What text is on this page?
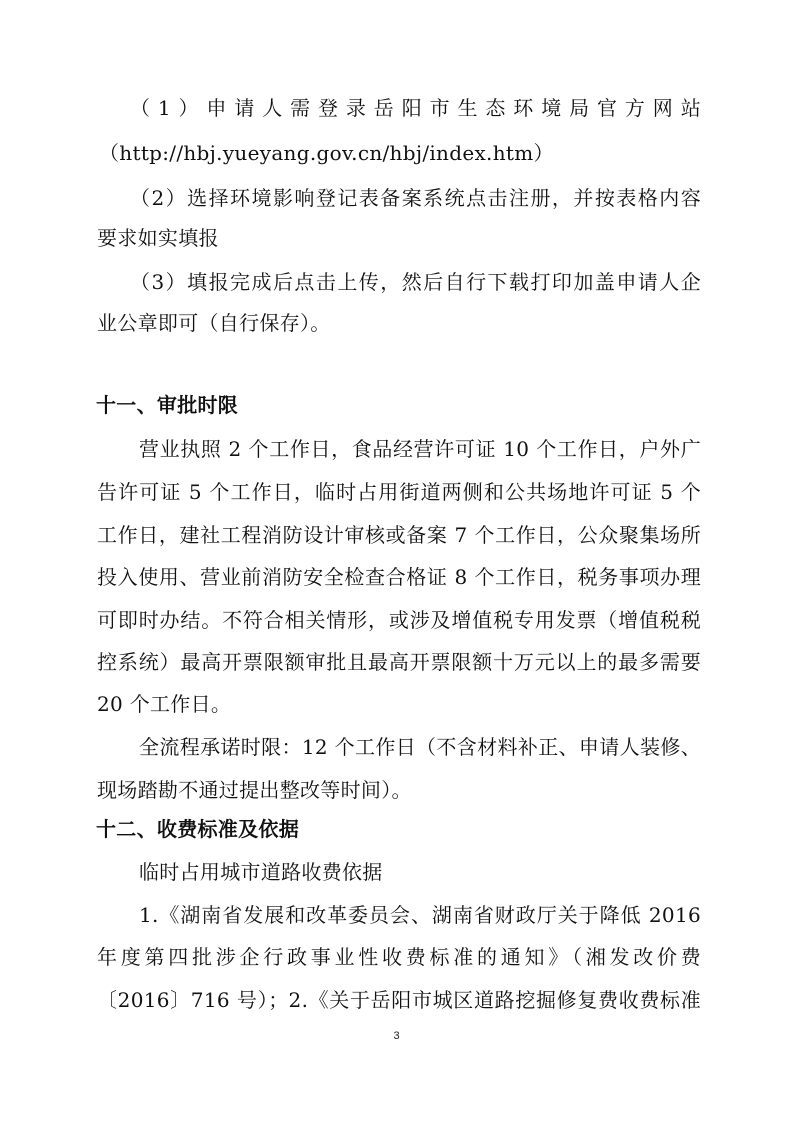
（1）申请人需登录岳阳市生态环境局官方网站
（http://hbj.yueyang.gov.cn/hbj/index.htm）
（2）选择环境影响登记表备案系统点击注册，并按表格内容
要求如实填报
（3）填报完成后点击上传，然后自行下载打印加盖申请人企
业公章即可（自行保存）。
十一、审批时限
营业执照 2 个工作日，食品经营许可证 10 个工作日，户外广
告许可证 5 个工作日，临时占用街道两侧和公共场地许可证 5 个
工作日，建社工程消防设计审核或备案 7 个工作日，公众聚集场所
投入使用、营业前消防安全检查合格证 8 个工作日，税务事项办理
可即时办结。不符合相关情形，或涉及增值税专用发票（增值税税
控系统）最高开票限额审批且最高开票限额十万元以上的最多需要
20 个工作日。
全流程承诺时限：12 个工作日（不含材料补正、申请人装修、
现场踏勘不通过提出整改等时间）。
十二、收费标准及依据
临时占用城市道路收费依据
1.《湖南省发展和改革委员会、湖南省财政厅关于降低 2016
年度第四批涉企行政事业性收费标准的通知》（湘发改价费
〔2016〕716 号）；2.《关于岳阳市城区道路挖掘修复费收费标准
3
